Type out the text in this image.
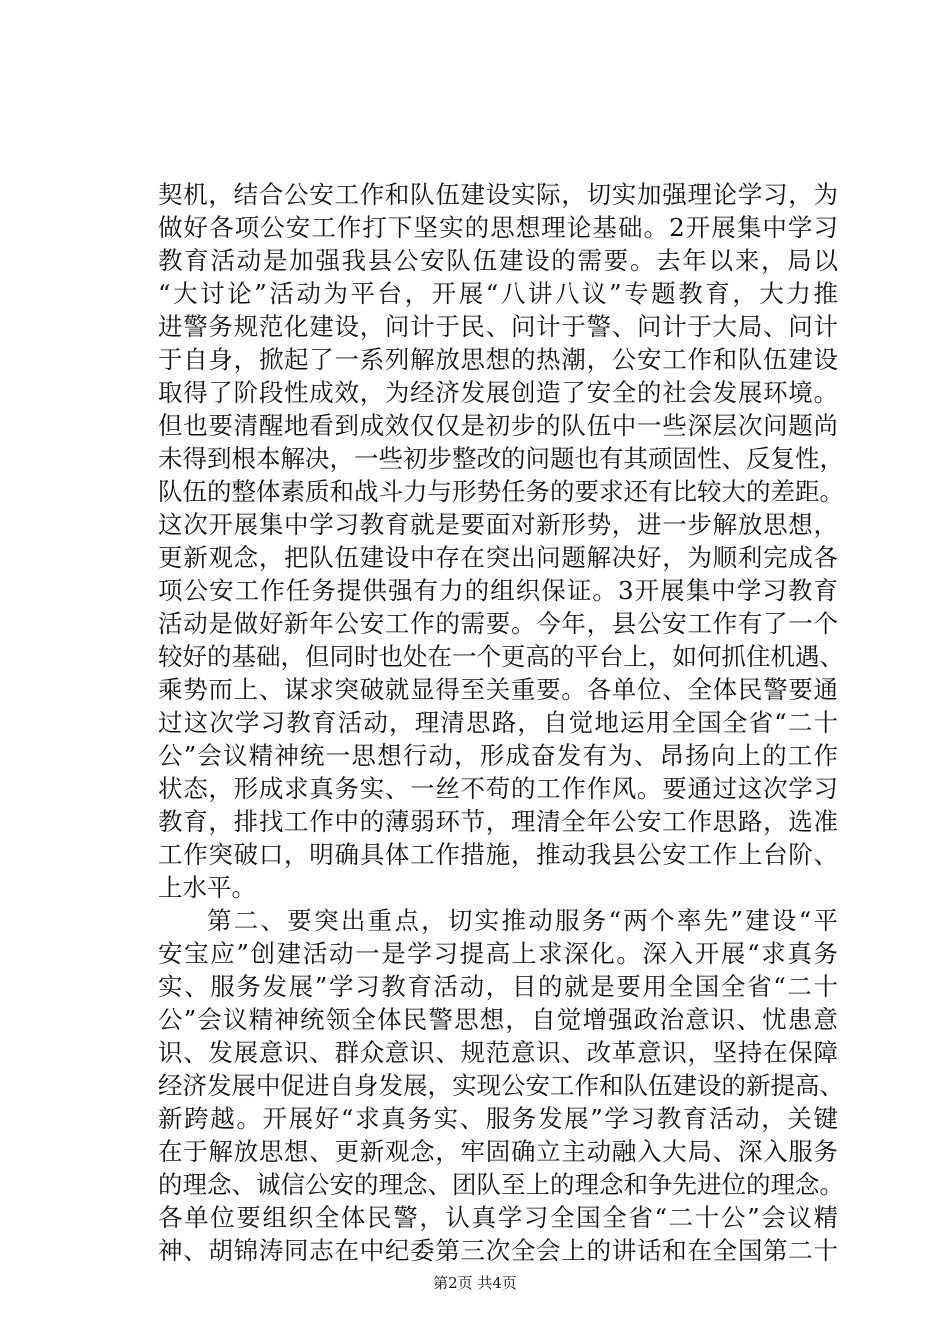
契机，结合公安工作和队伍建设实际，切实加强理论学习，为
做好各项公安工作打下坚实的思想理论基础。2开展集中学习
教育活动是加强我县公安队伍建设的需要。去年以来，局以
“大讨论”活动为平台，开展“八讲八议”专题教育，大力推
进警务规范化建设，问计于民、问计于警、问计于大局、问计
于自身，掀起了一系列解放思想的热潮，公安工作和队伍建设
取得了阶段性成效，为经济发展创造了安全的社会发展环境。
但也要清醒地看到成效仅仅是初步的队伍中一些深层次问题尚
未得到根本解决，一些初步整改的问题也有其顽固性、反复性，
队伍的整体素质和战斗力与形势任务的要求还有比较大的差距。
这次开展集中学习教育就是要面对新形势，进一步解放思想，
更新观念，把队伍建设中存在突出问题解决好，为顺利完成各
项公安工作任务提供强有力的组织保证。3开展集中学习教育
活动是做好新年公安工作的需要。今年，县公安工作有了一个
较好的基础，但同时也处在一个更高的平台上，如何抓住机遇、
乘势而上、谋求突破就显得至关重要。各单位、全体民警要通
过这次学习教育活动，理清思路，自觉地运用全国全省“二十
公”会议精神统一思想行动，形成奋发有为、昂扬向上的工作
状态，形成求真务实、一丝不苟的工作作风。要通过这次学习
教育，排找工作中的薄弱环节，理清全年公安工作思路，选准
工作突破口，明确具体工作措施，推动我县公安工作上台阶、
上水平。
第二、要突出重点，切实推动服务“两个率先”建设“平
安宝应”创建活动一是学习提高上求深化。深入开展“求真务
实、服务发展”学习教育活动，目的就是要用全国全省“二十
公”会议精神统领全体民警思想，自觉增强政治意识、忧患意
识、发展意识、群众意识、规范意识、改革意识，坚持在保障
经济发展中促进自身发展，实现公安工作和队伍建设的新提高、
新跨越。开展好“求真务实、服务发展”学习教育活动，关键
在于解放思想、更新观念，牢固确立主动融入大局、深入服务
的理念、诚信公安的理念、团队至上的理念和争先进位的理念。
各单位要组织全体民警，认真学习全国全省“二十公”会议精
神、胡锦涛同志在中纪委第三次全会上的讲话和在全国第二十
第2页 共4页
